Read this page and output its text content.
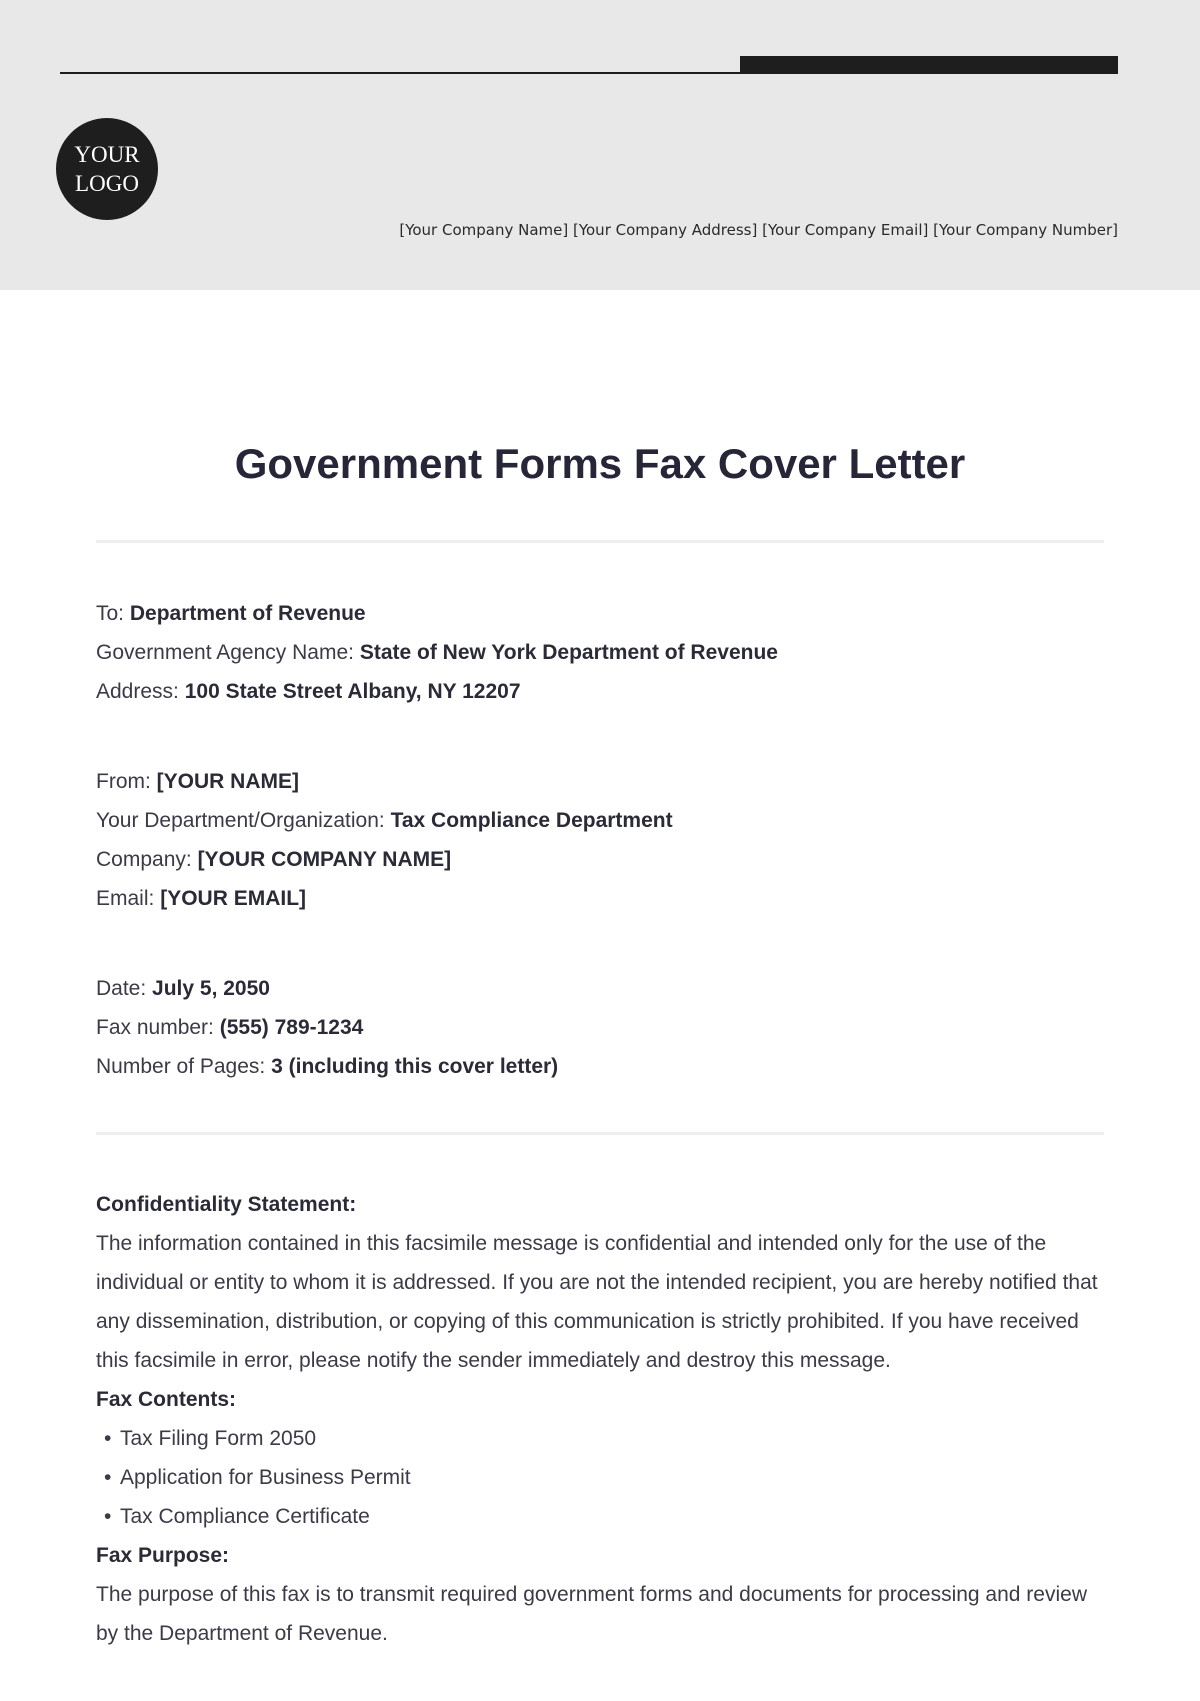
YOUR
LOGO
[Your Company Name] [Your Company Address] [Your Company Email] [Your Company Number]
Government Forms Fax Cover Letter
To: Department of Revenue
Government Agency Name: State of New York Department of Revenue
Address: 100 State Street Albany, NY 12207
From: [YOUR NAME]
Your Department/Organization: Tax Compliance Department
Company: [YOUR COMPANY NAME]
Email: [YOUR EMAIL]
Date: July 5, 2050
Fax number: (555) 789-1234
Number of Pages: 3 (including this cover letter)
Confidentiality Statement:

The information contained in this facsimile message is confidential and intended only for the use of the individual or entity to whom it is addressed. If you are not the intended recipient, you are hereby notified that any dissemination, distribution, or copying of this communication is strictly prohibited. If you have received this facsimile in error, please notify the sender immediately and destroy this message.

Fax Contents:
• Tax Filing Form 2050
• Application for Business Permit
• Tax Compliance Certificate
Fax Purpose:

The purpose of this fax is to transmit required government forms and documents for processing and review by the Department of Revenue.
